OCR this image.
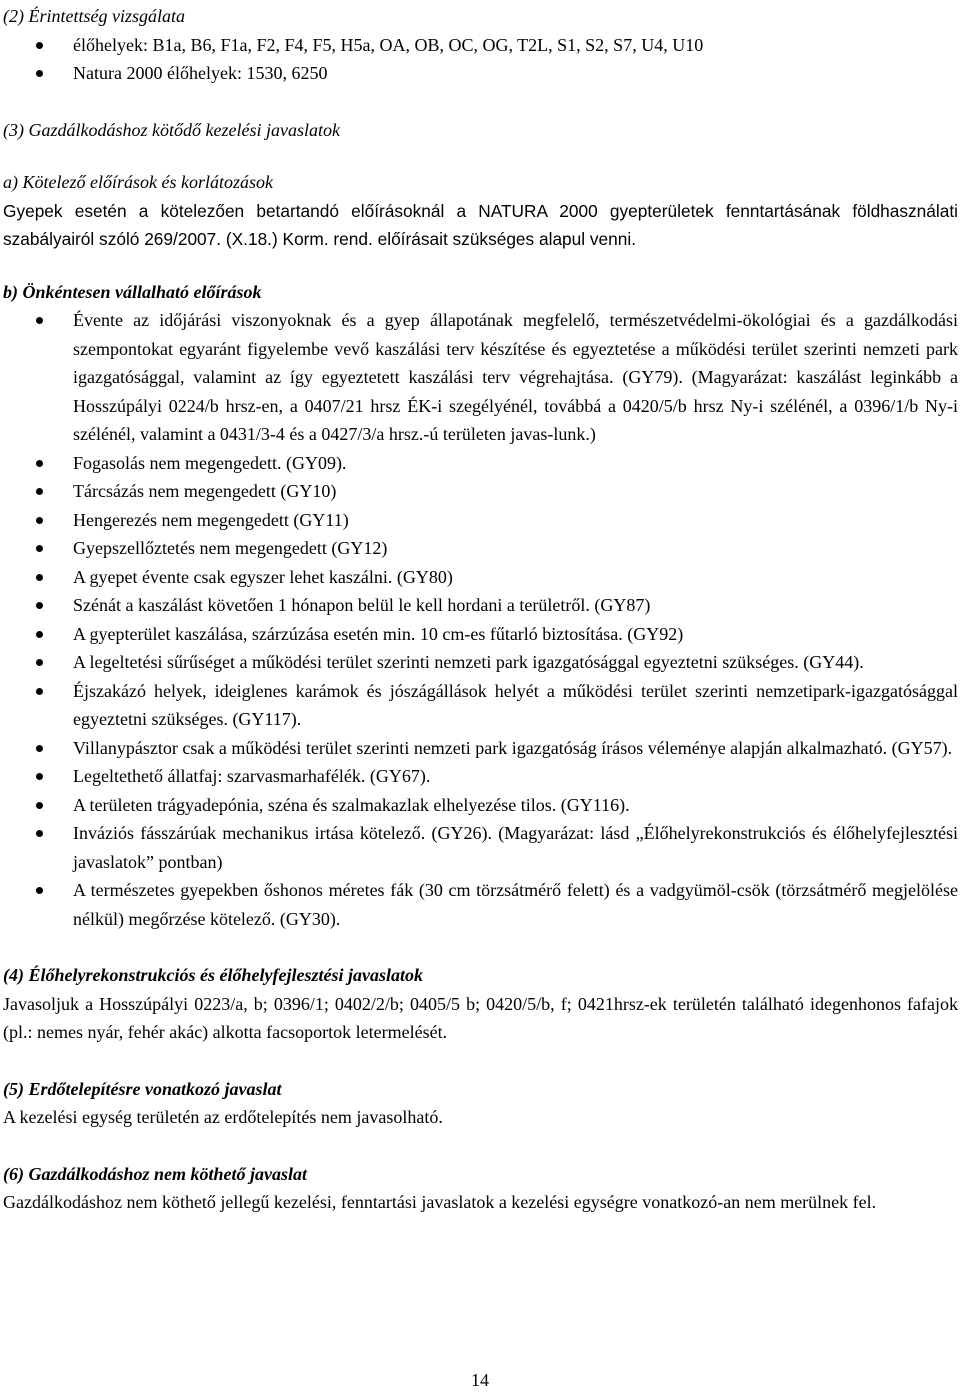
(2) Érintettség vizsgálata

élőhelyek: B1a, B6, F1a, F2, F4, F5, H5a, OA, OB, OC, OG, T2L, S1, S2, S7, U4, U10
Natura 2000 élőhelyek: 1530, 6250

(3) Gazdálkodáshoz kötődő kezelési javaslatok

a) Kötelező előírások és korlátozások

Gyepek esetén a kötelezően betartandó előírásoknál a NATURA 2000 gyepterületek fenntartásának földhasználati szabályairól szóló 269/2007. (X.18.) Korm. rend. előírásait szükséges alapul venni.

b) Önkéntesen vállalható előírások

Évente az időjárási viszonyoknak és a gyep állapotának megfelelő, természetvédelmi-ökológiai és a gazdálkodási szempontokat egyaránt figyelembe vevő kaszálási terv készítése és egyeztetése a működési terület szerinti nemzeti park igazgatósággal, valamint az így egyeztetett kaszálási terv végrehajtása. (GY79). (Magyarázat: kaszálást leginkább a Hosszúpályi 0224/b hrsz-en, a 0407/21 hrsz ÉK-i szegélyénél, továbbá a 0420/5/b hrsz Ny-i szélénél, a 0396/1/b Ny-i szélénél, valamint a 0431/3-4 és a 0427/3/a hrsz.-ú területen javas-lunk.)
Fogasolás nem megengedett. (GY09).
Tárcsázás nem megengedett (GY10)
Hengerezés nem megengedett (GY11)
Gyepszellőztetés nem megengedett (GY12)
A gyepet évente csak egyszer lehet kaszálni. (GY80)
Szénát a kaszálást követően 1 hónapon belül le kell hordani a területről. (GY87)
A gyepterület kaszálása, szárzúzása esetén min. 10 cm-es fűtarló biztosítása. (GY92)
A legeltetési sűrűséget a működési terület szerinti nemzeti park igazgatósággal egyeztetni szükséges. (GY44).
Éjszakázó helyek, ideiglenes karámok és jószágállások helyét a működési terület szerinti nemzetipark-igazgatósággal egyeztetni szükséges. (GY117).
Villanypásztor csak a működési terület szerinti nemzeti park igazgatóság írásos véleménye alapján alkalmazható. (GY57).
Legeltethető állatfaj: szarvasmarhafélék. (GY67).
A területen trágyadepónia, széna és szalmakazlak elhelyezése tilos. (GY116).
Inváziós fásszárúak mechanikus irtása kötelező. (GY26). (Magyarázat: lásd „Élőhelyrekonstrukciós és élőhelyfejlesztési javaslatok” pontban)
A természetes gyepekben őshonos méretes fák (30 cm törzsátmérő felett) és a vadgyümöl-csök (törzsátmérő megjelölése nélkül) megőrzése kötelező. (GY30).

(4) Élőhelyrekonstrukciós és élőhelyfejlesztési javaslatok

Javasoljuk a Hosszúpályi 0223/a, b; 0396/1; 0402/2/b; 0405/5 b; 0420/5/b, f; 0421hrsz-ek területén található idegenhonos fafajok (pl.: nemes nyár, fehér akác) alkotta facsoportok letermelését.

(5) Erdőtelepítésre vonatkozó javaslat

A kezelési egység területén az erdőtelepítés nem javasolható.

(6) Gazdálkodáshoz nem köthető javaslat

Gazdálkodáshoz nem köthető jellegű kezelési, fenntartási javaslatok a kezelési egységre vonatkozó-an nem merülnek fel.

14
